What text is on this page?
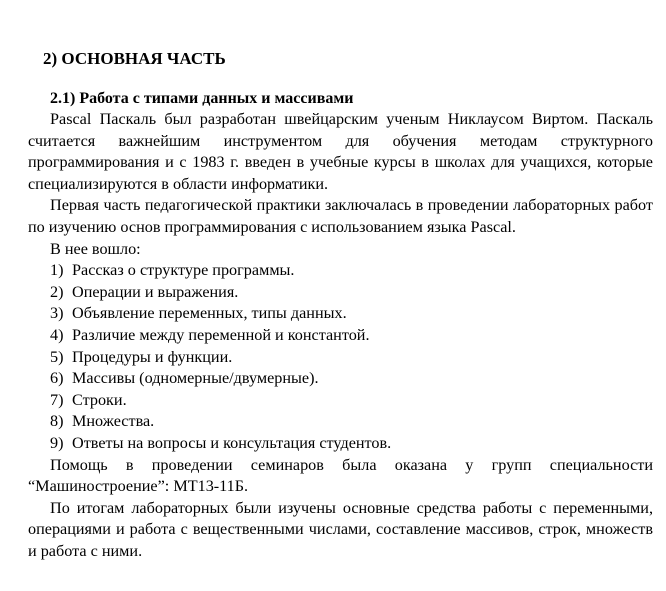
2) ОСНОВНАЯ ЧАСТЬ
2.1) Работа с типами данных и массивами

Pascal Паскаль был разработан швейцарским ученым Никлаусом Виртом. Паскаль считается важнейшим инструментом для обучения методам структурного программирования и с 1983 г. введен в учебные курсы в школах для учащихся, которые специализируются в области информатики.

Первая часть педагогической практики заключалась в проведении лабораторных работ по изучению основ программирования с использованием языка Pascal.

В нее вошло:

1) Рассказ о структуре программы.
2) Операции и выражения.
3) Объявление переменных, типы данных.
4) Различие между переменной и константой.
5) Процедуры и функции.
6) Массивы (одномерные/двумерные).
7) Строки.
8) Множества.
9) Ответы на вопросы и консультация студентов.

Помощь в проведении семинаров была оказана у групп специальности “Машиностроение”: МТ13-11Б.

По итогам лабораторных были изучены основные средства работы с переменными, операциями и работа с вещественными числами, составление массивов, строк, множеств и работа с ними.
